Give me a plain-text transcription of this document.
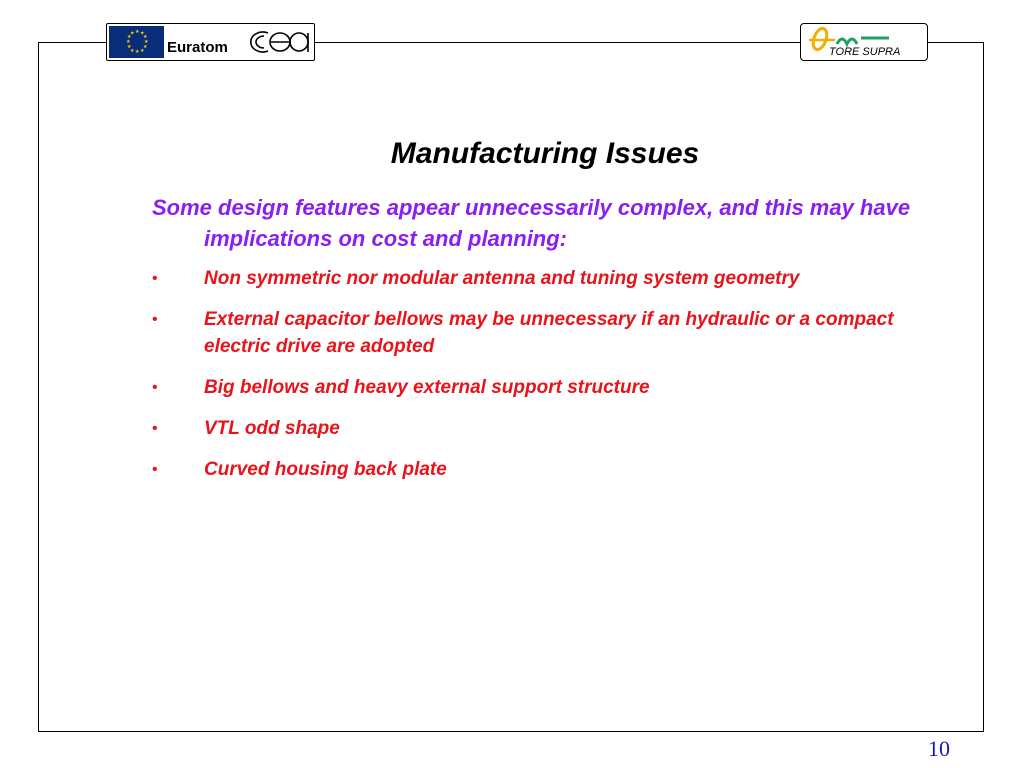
★ ★
★
★
★
★
★
★
★
★
★
★
Euratom	TORE SUPRA
Manufacturing Issues
Some design features appear unnecessarily complex, and this may have implications on cost and planning:
• Non symmetric nor modular antenna and tuning system geometry
• External capacitor bellows may be unnecessary if an hydraulic or a compact electric drive are adopted
• Big bellows and heavy external support structure
• VTL odd shape
• Curved housing back plate
10
